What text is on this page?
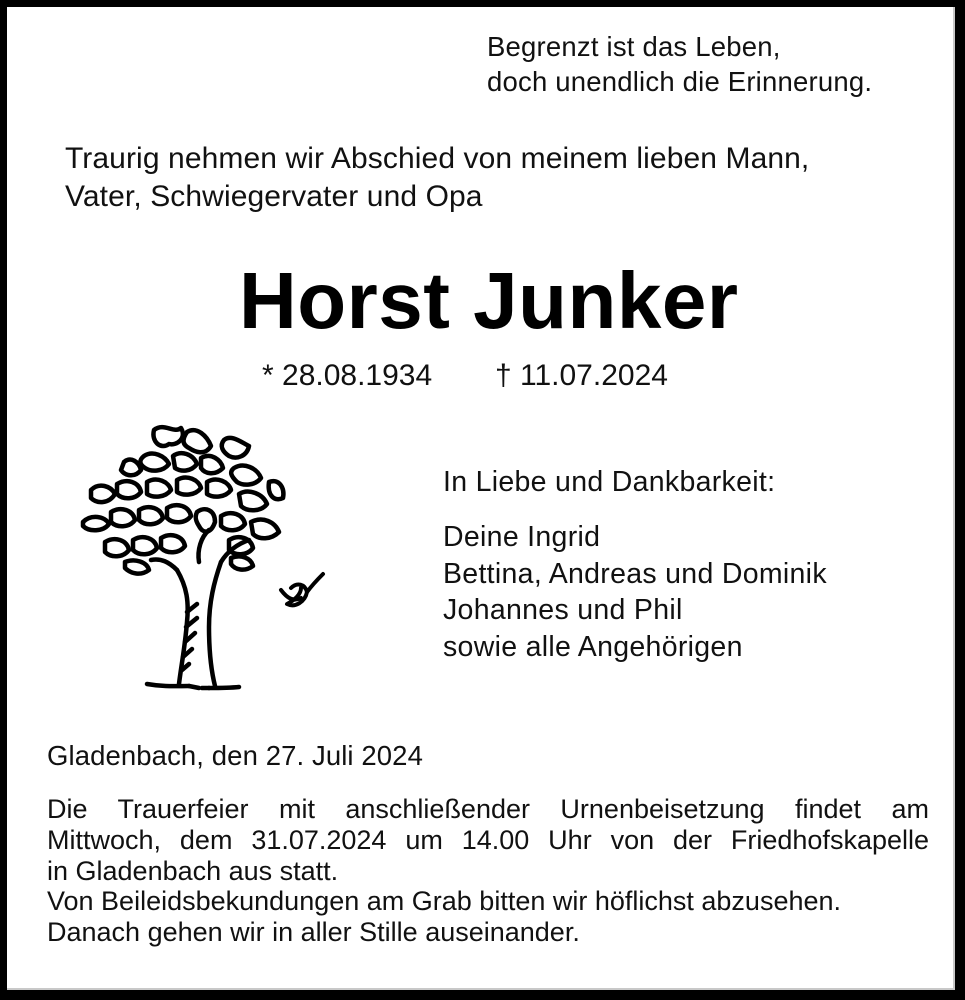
Begrenzt ist das Leben,
doch unendlich die Erinnerung.
Traurig nehmen wir Abschied von meinem lieben Mann,
Vater, Schwiegervater und Opa
Horst Junker
* 28.08.1934 † 11.07.2024
In Liebe und Dankbarkeit:
Deine Ingrid
Bettina, Andreas und Dominik
Johannes und Phil
sowie alle Angehörigen
Gladenbach, den 27. Juli 2024
Die Trauerfeier mit anschließender Urnenbeisetzung findet am
Mittwoch, dem 31.07.2024 um 14.00 Uhr von der Friedhofskapelle
in Gladenbach aus statt.
Von Beileidsbekundungen am Grab bitten wir höflichst abzusehen.
Danach gehen wir in aller Stille auseinander.
